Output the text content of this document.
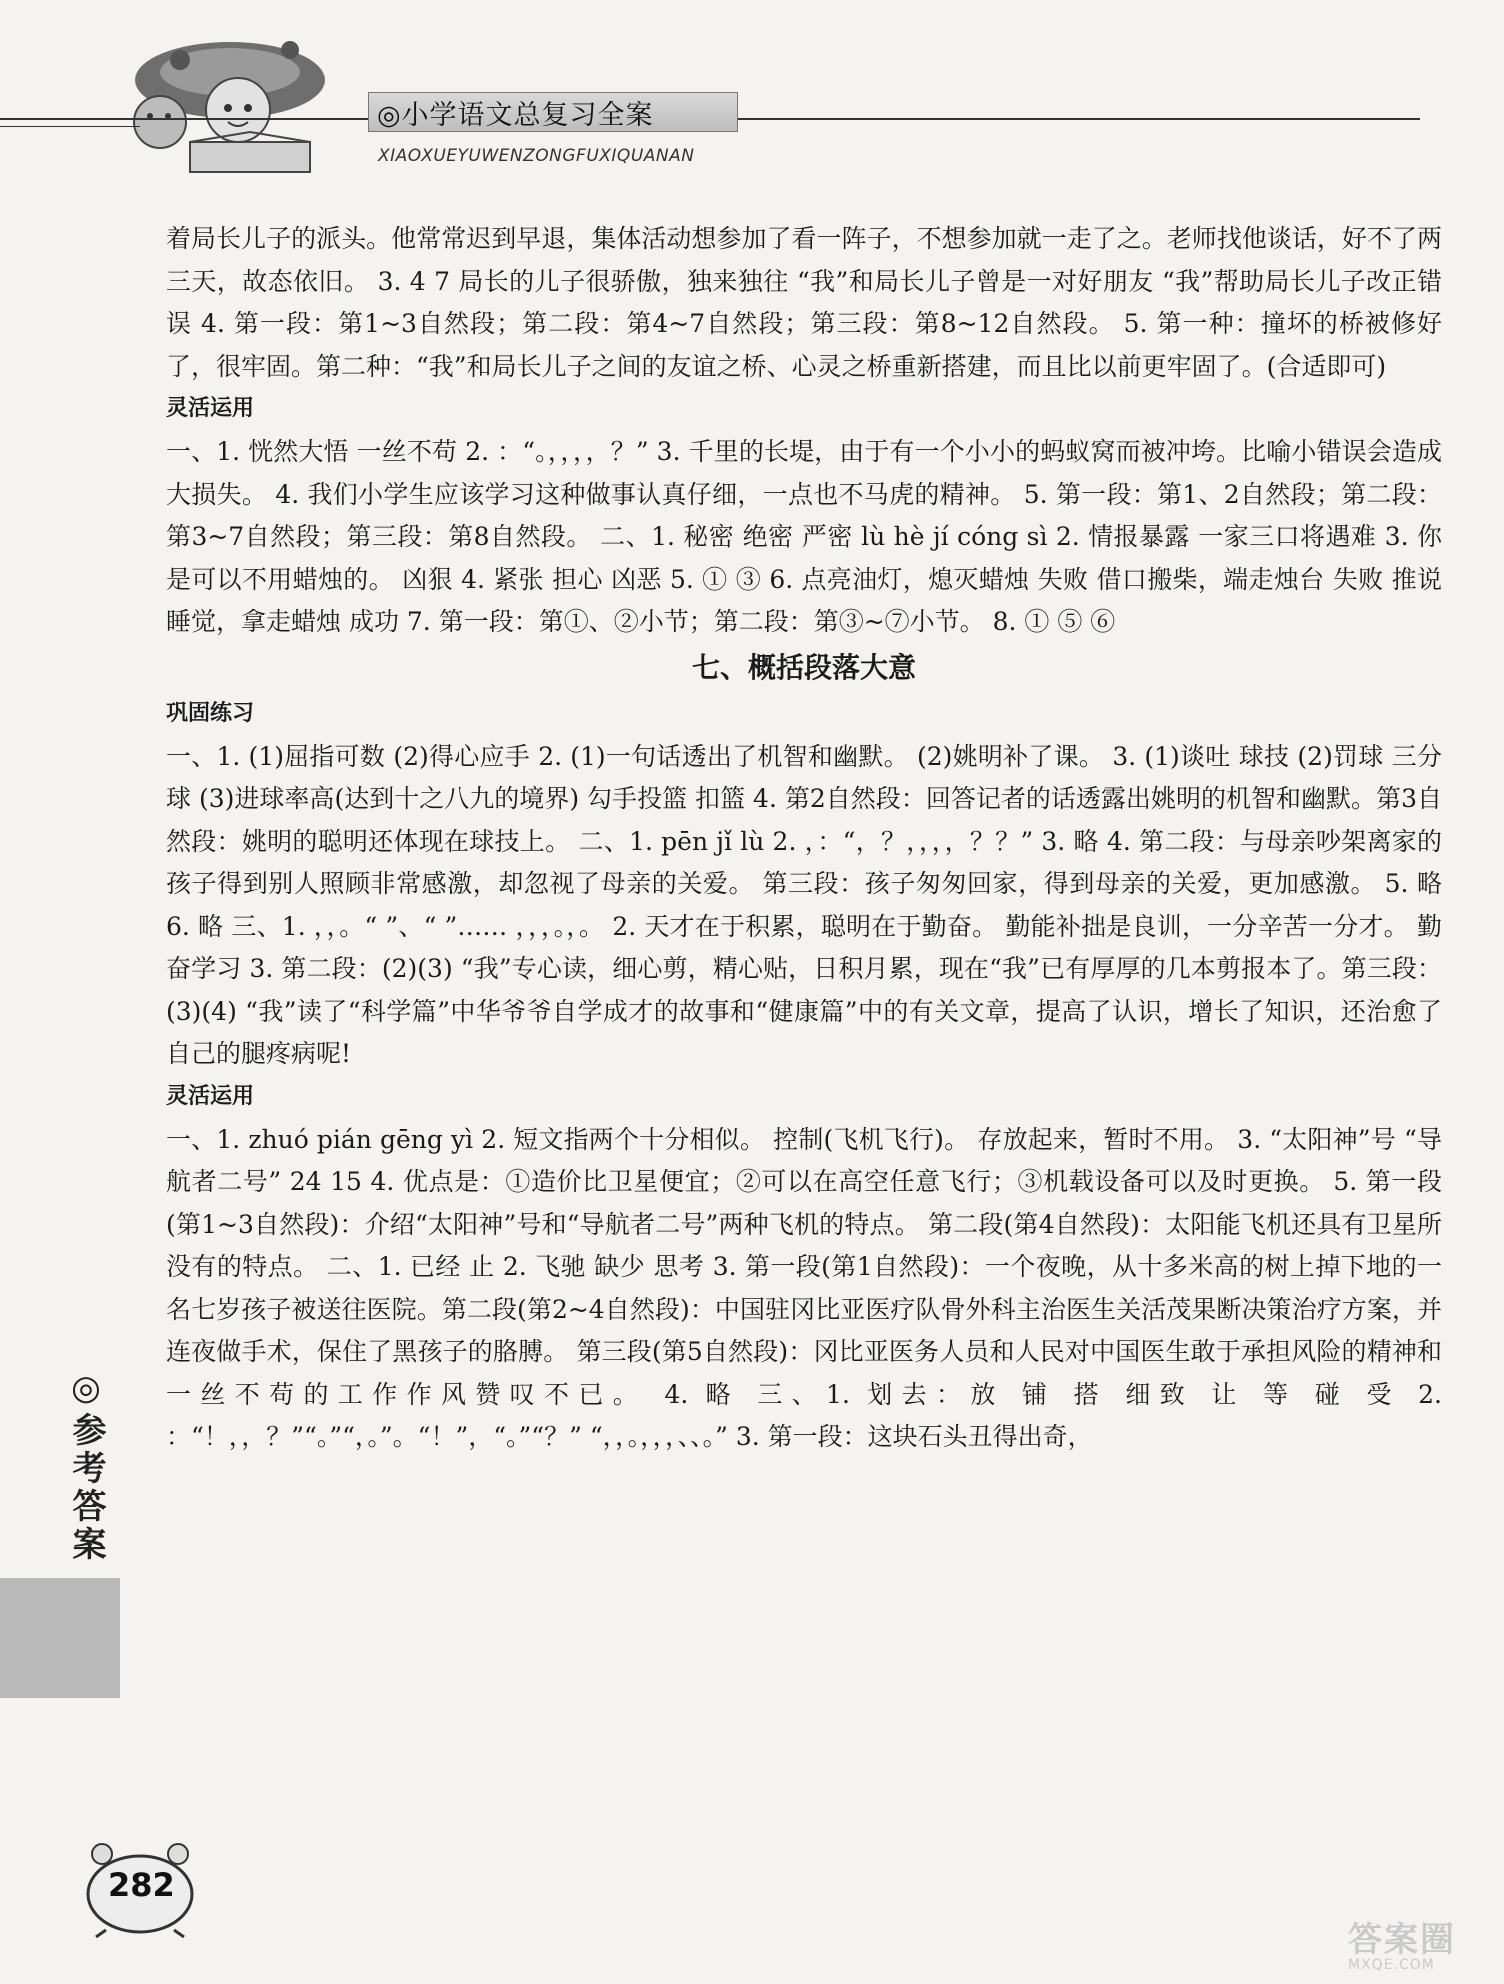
◎小学语文总复习全案
XIAOXUEYUWENZONGFUXIQUANAN

着局长儿子的派头。他常常迟到早退，集体活动想参加了看一阵子，不想参加就一走了之。老师找他谈话，好不了两三天，故态依旧。 3. 4 7 局长的儿子很骄傲，独来独往 “我”和局长儿子曾是一对好朋友 “我”帮助局长儿子改正错误 4. 第一段：第1~3自然段；第二段：第4~7自然段；第三段：第8~12自然段。 5. 第一种：撞坏的桥被修好了，很牢固。第二种：“我”和局长儿子之间的友谊之桥、心灵之桥重新搭建，而且比以前更牢固了。(合适即可)

灵活运用

一、1. 恍然大悟 一丝不苟 2. ：“。，，，，？” 3. 千里的长堤，由于有一个小小的蚂蚁窝而被冲垮。比喻小错误会造成大损失。 4. 我们小学生应该学习这种做事认真仔细，一点也不马虎的精神。 5. 第一段：第1、2自然段；第二段：第3~7自然段；第三段：第8自然段。 二、1. 秘密 绝密 严密 lù hè jí cóng sì 2. 情报暴露 一家三口将遇难 3. 你是可以不用蜡烛的。 凶狠 4. 紧张 担心 凶恶 5. ① ③ 6. 点亮油灯，熄灭蜡烛 失败 借口搬柴，端走烛台 失败 推说睡觉，拿走蜡烛 成功 7. 第一段：第①、②小节；第二段：第③~⑦小节。 8. ① ⑤ ⑥

七、概括段落大意
巩固练习

一、1. (1)屈指可数 (2)得心应手 2. (1)一句话透出了机智和幽默。 (2)姚明补了课。 3. (1)谈吐 球技 (2)罚球 三分球 (3)进球率高(达到十之八九的境界) 勾手投篮 扣篮 4. 第2自然段：回答记者的话透露出姚明的机智和幽默。第3自然段：姚明的聪明还体现在球技上。 二、1. pēn jǐ lù 2. ，：“，？，，，，？？” 3. 略 4. 第二段：与母亲吵架离家的孩子得到别人照顾非常感激，却忽视了母亲的关爱。 第三段：孩子匆匆回家，得到母亲的关爱，更加感激。 5. 略 6. 略 三、1. ，，。“ ”、“ ”…… ，，，。，。 2. 天才在于积累，聪明在于勤奋。 勤能补拙是良训，一分辛苦一分才。 勤奋学习 3. 第二段：(2)(3) “我”专心读，细心剪，精心贴，日积月累，现在“我”已有厚厚的几本剪报本了。第三段：(3)(4) “我”读了“科学篇”中华爷爷自学成才的故事和“健康篇”中的有关文章，提高了认识，增长了知识，还治愈了自己的腿疼病呢!

灵活运用

一、1. zhuó pián gēng yì 2. 短文指两个十分相似。 控制(飞机飞行)。 存放起来，暂时不用。 3. “太阳神”号 “导航者二号” 24 15 4. 优点是：①造价比卫星便宜；②可以在高空任意飞行；③机载设备可以及时更换。 5. 第一段(第1~3自然段)：介绍“太阳神”号和“导航者二号”两种飞机的特点。 第二段(第4自然段)：太阳能飞机还具有卫星所没有的特点。 二、1. 已经 止 2. 飞驰 缺少 思考 3. 第一段(第1自然段)：一个夜晚，从十多米高的树上掉下地的一名七岁孩子被送往医院。第二段(第2~4自然段)：中国驻冈比亚医疗队骨外科主治医生关活茂果断决策治疗方案，并连夜做手术，保住了黑孩子的胳膊。 第三段(第5自然段)：冈比亚医务人员和人民对中国医生敢于承担风险的精神和一丝不苟的工作作风赞叹不已。 4. 略 三、1. 划去：放 铺 搭 细致 让 等 碰 受 2. ：“！，，？”“。”“，。”。“！”，“。”“？” “，，。，，，、、。” 3. 第一段：这块石头丑得出奇，

◎参考答案
282
答案圈
MXQE.COM
